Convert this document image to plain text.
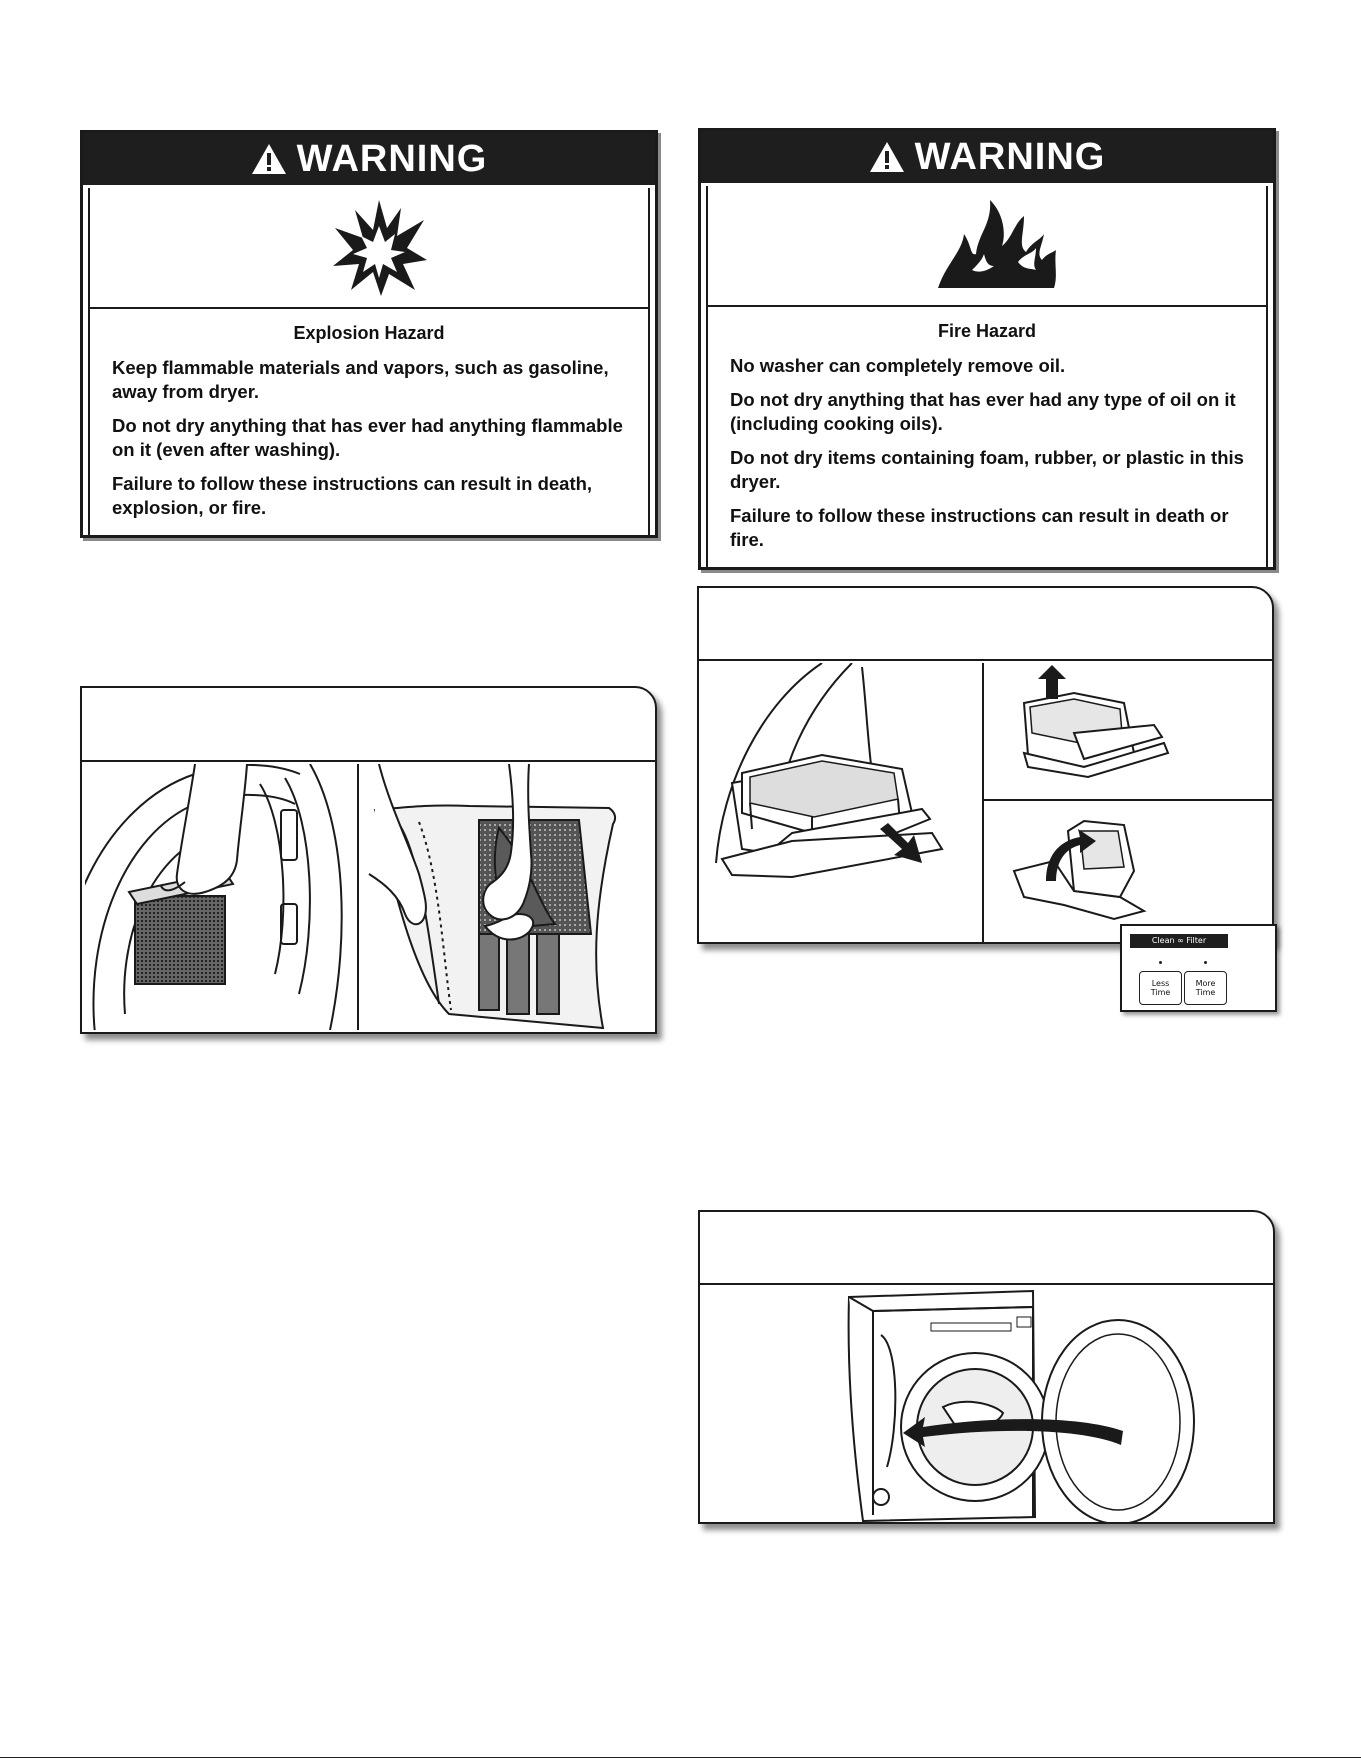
WARNING
Explosion Hazard

Keep flammable materials and vapors, such as gasoline, away from dryer.

Do not dry anything that has ever had anything flammable on it (even after washing).

Failure to follow these instructions can result in death, explosion, or fire.

WARNING
Fire Hazard

No washer can completely remove oil.

Do not dry anything that has ever had any type of oil on it (including cooking oils).

Do not dry items containing foam, rubber, or plastic in this dryer.

Failure to follow these instructions can result in death or fire.

Clean ∞ Filter
Less
Time
More
Time
